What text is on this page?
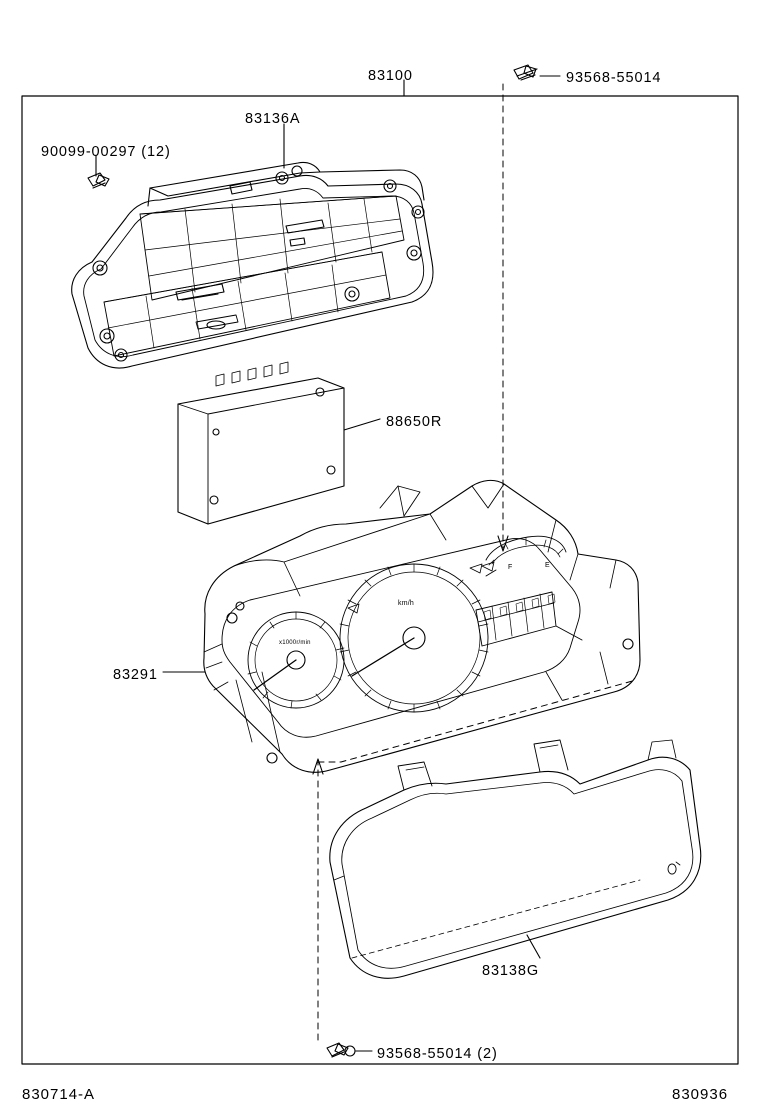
83100	93568-55014
83136A
90099-00297 (12)
88650R
83291
83138G
93568-55014 (2)
km/h
x1000r/min
F	E
830714-A	830936
